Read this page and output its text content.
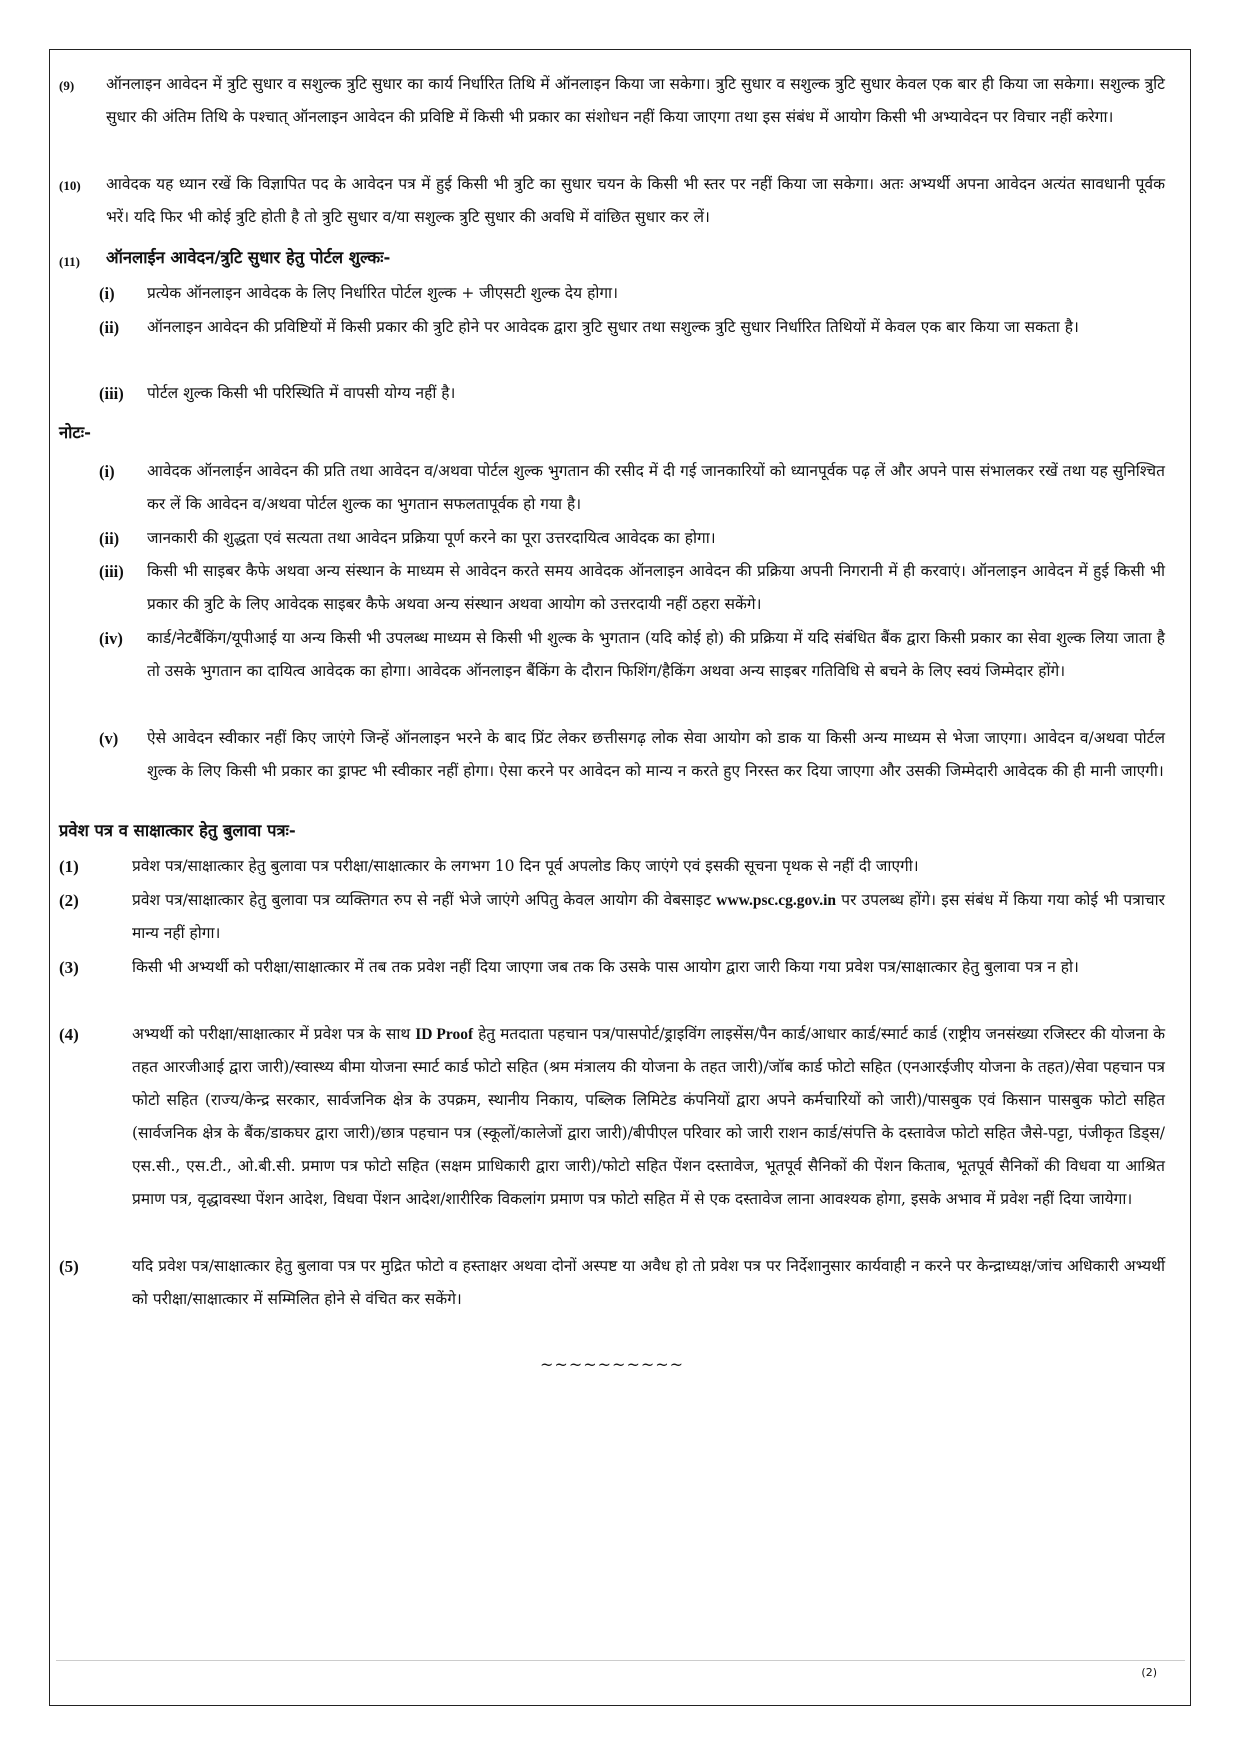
(9) ऑनलाइन आवेदन में त्रुटि सुधार व सशुल्क त्रुटि सुधार का कार्य निर्धारित तिथि में ऑनलाइन किया जा सकेगा। त्रुटि सुधार व सशुल्क त्रुटि सुधार केवल एक बार ही किया जा सकेगा। सशुल्क त्रुटि सुधार की अंतिम तिथि के पश्चात् ऑनलाइन आवेदन की प्रविष्टि में किसी भी प्रकार का संशोधन नहीं किया जाएगा तथा इस संबंध में आयोग किसी भी अभ्यावेदन पर विचार नहीं करेगा।
(10) आवेदक यह ध्यान रखें कि विज्ञापित पद के आवेदन पत्र में हुई किसी भी त्रुटि का सुधार चयन के किसी भी स्तर पर नहीं किया जा सकेगा। अतः अभ्यर्थी अपना आवेदन अत्यंत सावधानी पूर्वक भरें। यदि फिर भी कोई त्रुटि होती है तो त्रुटि सुधार व/या सशुल्क त्रुटि सुधार की अवधि में वांछित सुधार कर लें।
(11) ऑनलाईन आवेदन/त्रुटि सुधार हेतु पोर्टल शुल्कः-
(i) प्रत्येक ऑनलाइन आवेदक के लिए निर्धारित पोर्टल शुल्क + जीएसटी शुल्क देय होगा।
(ii) ऑनलाइन आवेदन की प्रविष्टियों में किसी प्रकार की त्रुटि होने पर आवेदक द्वारा त्रुटि सुधार तथा सशुल्क त्रुटि सुधार निर्धारित तिथियों में केवल एक बार किया जा सकता है।
(iii) पोर्टल शुल्क किसी भी परिस्थिति में वापसी योग्य नहीं है।
नोटः-
(i) आवेदक ऑनलाईन आवेदन की प्रति तथा आवेदन व/अथवा पोर्टल शुल्क भुगतान की रसीद में दी गई जानकारियों को ध्यानपूर्वक पढ़ लें और अपने पास संभालकर रखें तथा यह सुनिश्चित कर लें कि आवेदन व/अथवा पोर्टल शुल्क का भुगतान सफलतापूर्वक हो गया है।
(ii) जानकारी की शुद्धता एवं सत्यता तथा आवेदन प्रक्रिया पूर्ण करने का पूरा उत्तरदायित्व आवेदक का होगा।
(iii) किसी भी साइबर कैफे अथवा अन्य संस्थान के माध्यम से आवेदन करते समय आवेदक ऑनलाइन आवेदन की प्रक्रिया अपनी निगरानी में ही करवाएं। ऑनलाइन आवेदन में हुई किसी भी प्रकार की त्रुटि के लिए आवेदक साइबर कैफे अथवा अन्य संस्थान अथवा आयोग को उत्तरदायी नहीं ठहरा सकेंगे।
(iv) कार्ड/नेटबैंकिंग/यूपीआई या अन्य किसी भी उपलब्ध माध्यम से किसी भी शुल्क के भुगतान (यदि कोई हो) की प्रक्रिया में यदि संबंधित बैंक द्वारा किसी प्रकार का सेवा शुल्क लिया जाता है तो उसके भुगतान का दायित्व आवेदक का होगा। आवेदक ऑनलाइन बैंकिंग के दौरान फिशिंग/हैकिंग अथवा अन्य साइबर गतिविधि से बचने के लिए स्वयं जिम्मेदार होंगे।
(v) ऐसे आवेदन स्वीकार नहीं किए जाएंगे जिन्हें ऑनलाइन भरने के बाद प्रिंट लेकर छत्तीसगढ़ लोक सेवा आयोग को डाक या किसी अन्य माध्यम से भेजा जाएगा। आवेदन व/अथवा पोर्टल शुल्क के लिए किसी भी प्रकार का ड्राफ्ट भी स्वीकार नहीं होगा। ऐसा करने पर आवेदन को मान्य न करते हुए निरस्त कर दिया जाएगा और उसकी जिम्मेदारी आवेदक की ही मानी जाएगी।
प्रवेश पत्र व साक्षात्कार हेतु बुलावा पत्रः-
(1)	प्रवेश पत्र/साक्षात्कार हेतु बुलावा पत्र परीक्षा/साक्षात्कार के लगभग 10 दिन पूर्व अपलोड किए जाएंगे एवं इसकी सूचना पृथक से नहीं दी जाएगी।
(2)	प्रवेश पत्र/साक्षात्कार हेतु बुलावा पत्र व्यक्तिगत रुप से नहीं भेजे जाएंगे अपितु केवल आयोग की वेबसाइट www.psc.cg.gov.in पर उपलब्ध होंगे। इस संबंध में किया गया कोई भी पत्राचार मान्य नहीं होगा।
(3)	किसी भी अभ्यर्थी को परीक्षा/साक्षात्कार में तब तक प्रवेश नहीं दिया जाएगा जब तक कि उसके पास आयोग द्वारा जारी किया गया प्रवेश पत्र/साक्षात्कार हेतु बुलावा पत्र न हो।
(4)	अभ्यर्थी को परीक्षा/साक्षात्कार में प्रवेश पत्र के साथ ID Proof हेतु मतदाता पहचान पत्र/पासपोर्ट/ड्राइविंग लाइसेंस/पैन कार्ड/आधार कार्ड/स्मार्ट कार्ड (राष्ट्रीय जनसंख्या रजिस्टर की योजना के तहत आरजीआई द्वारा जारी)/स्वास्थ्य बीमा योजना स्मार्ट कार्ड फोटो सहित (श्रम मंत्रालय की योजना के तहत जारी)/जॉब कार्ड फोटो सहित (एनआरईजीए योजना के तहत)/सेवा पहचान पत्र फोटो सहित (राज्य/केन्द्र सरकार, सार्वजनिक क्षेत्र के उपक्रम, स्थानीय निकाय, पब्लिक लिमिटेड कंपनियों द्वारा अपने कर्मचारियों को जारी)/पासबुक एवं किसान पासबुक फोटो सहित (सार्वजनिक क्षेत्र के बैंक/डाकघर द्वारा जारी)/छात्र पहचान पत्र (स्कूलों/कालेजों द्वारा जारी)/बीपीएल परिवार को जारी राशन कार्ड/संपत्ति के दस्तावेज फोटो सहित जैसे-पट्टा, पंजीकृत डिड्स/एस.सी., एस.टी., ओ.बी.सी. प्रमाण पत्र फोटो सहित (सक्षम प्राधिकारी द्वारा जारी)/फोटो सहित पेंशन दस्तावेज, भूतपूर्व सैनिकों की पेंशन किताब, भूतपूर्व सैनिकों की विधवा या आश्रित प्रमाण पत्र, वृद्धावस्था पेंशन आदेश, विधवा पेंशन आदेश/शारीरिक विकलांग प्रमाण पत्र फोटो सहित में से एक दस्तावेज लाना आवश्यक होगा, इसके अभाव में प्रवेश नहीं दिया जायेगा।
(5)	यदि प्रवेश पत्र/साक्षात्कार हेतु बुलावा पत्र पर मुद्रित फोटो व हस्ताक्षर अथवा दोनों अस्पष्ट या अवैध हो तो प्रवेश पत्र पर निर्देशानुसार कार्यवाही न करने पर केन्द्राध्यक्ष/जांच अधिकारी अभ्यर्थी को परीक्षा/साक्षात्कार में सम्मिलित होने से वंचित कर सकेंगे।
~~~~~~~~~~
(2)
